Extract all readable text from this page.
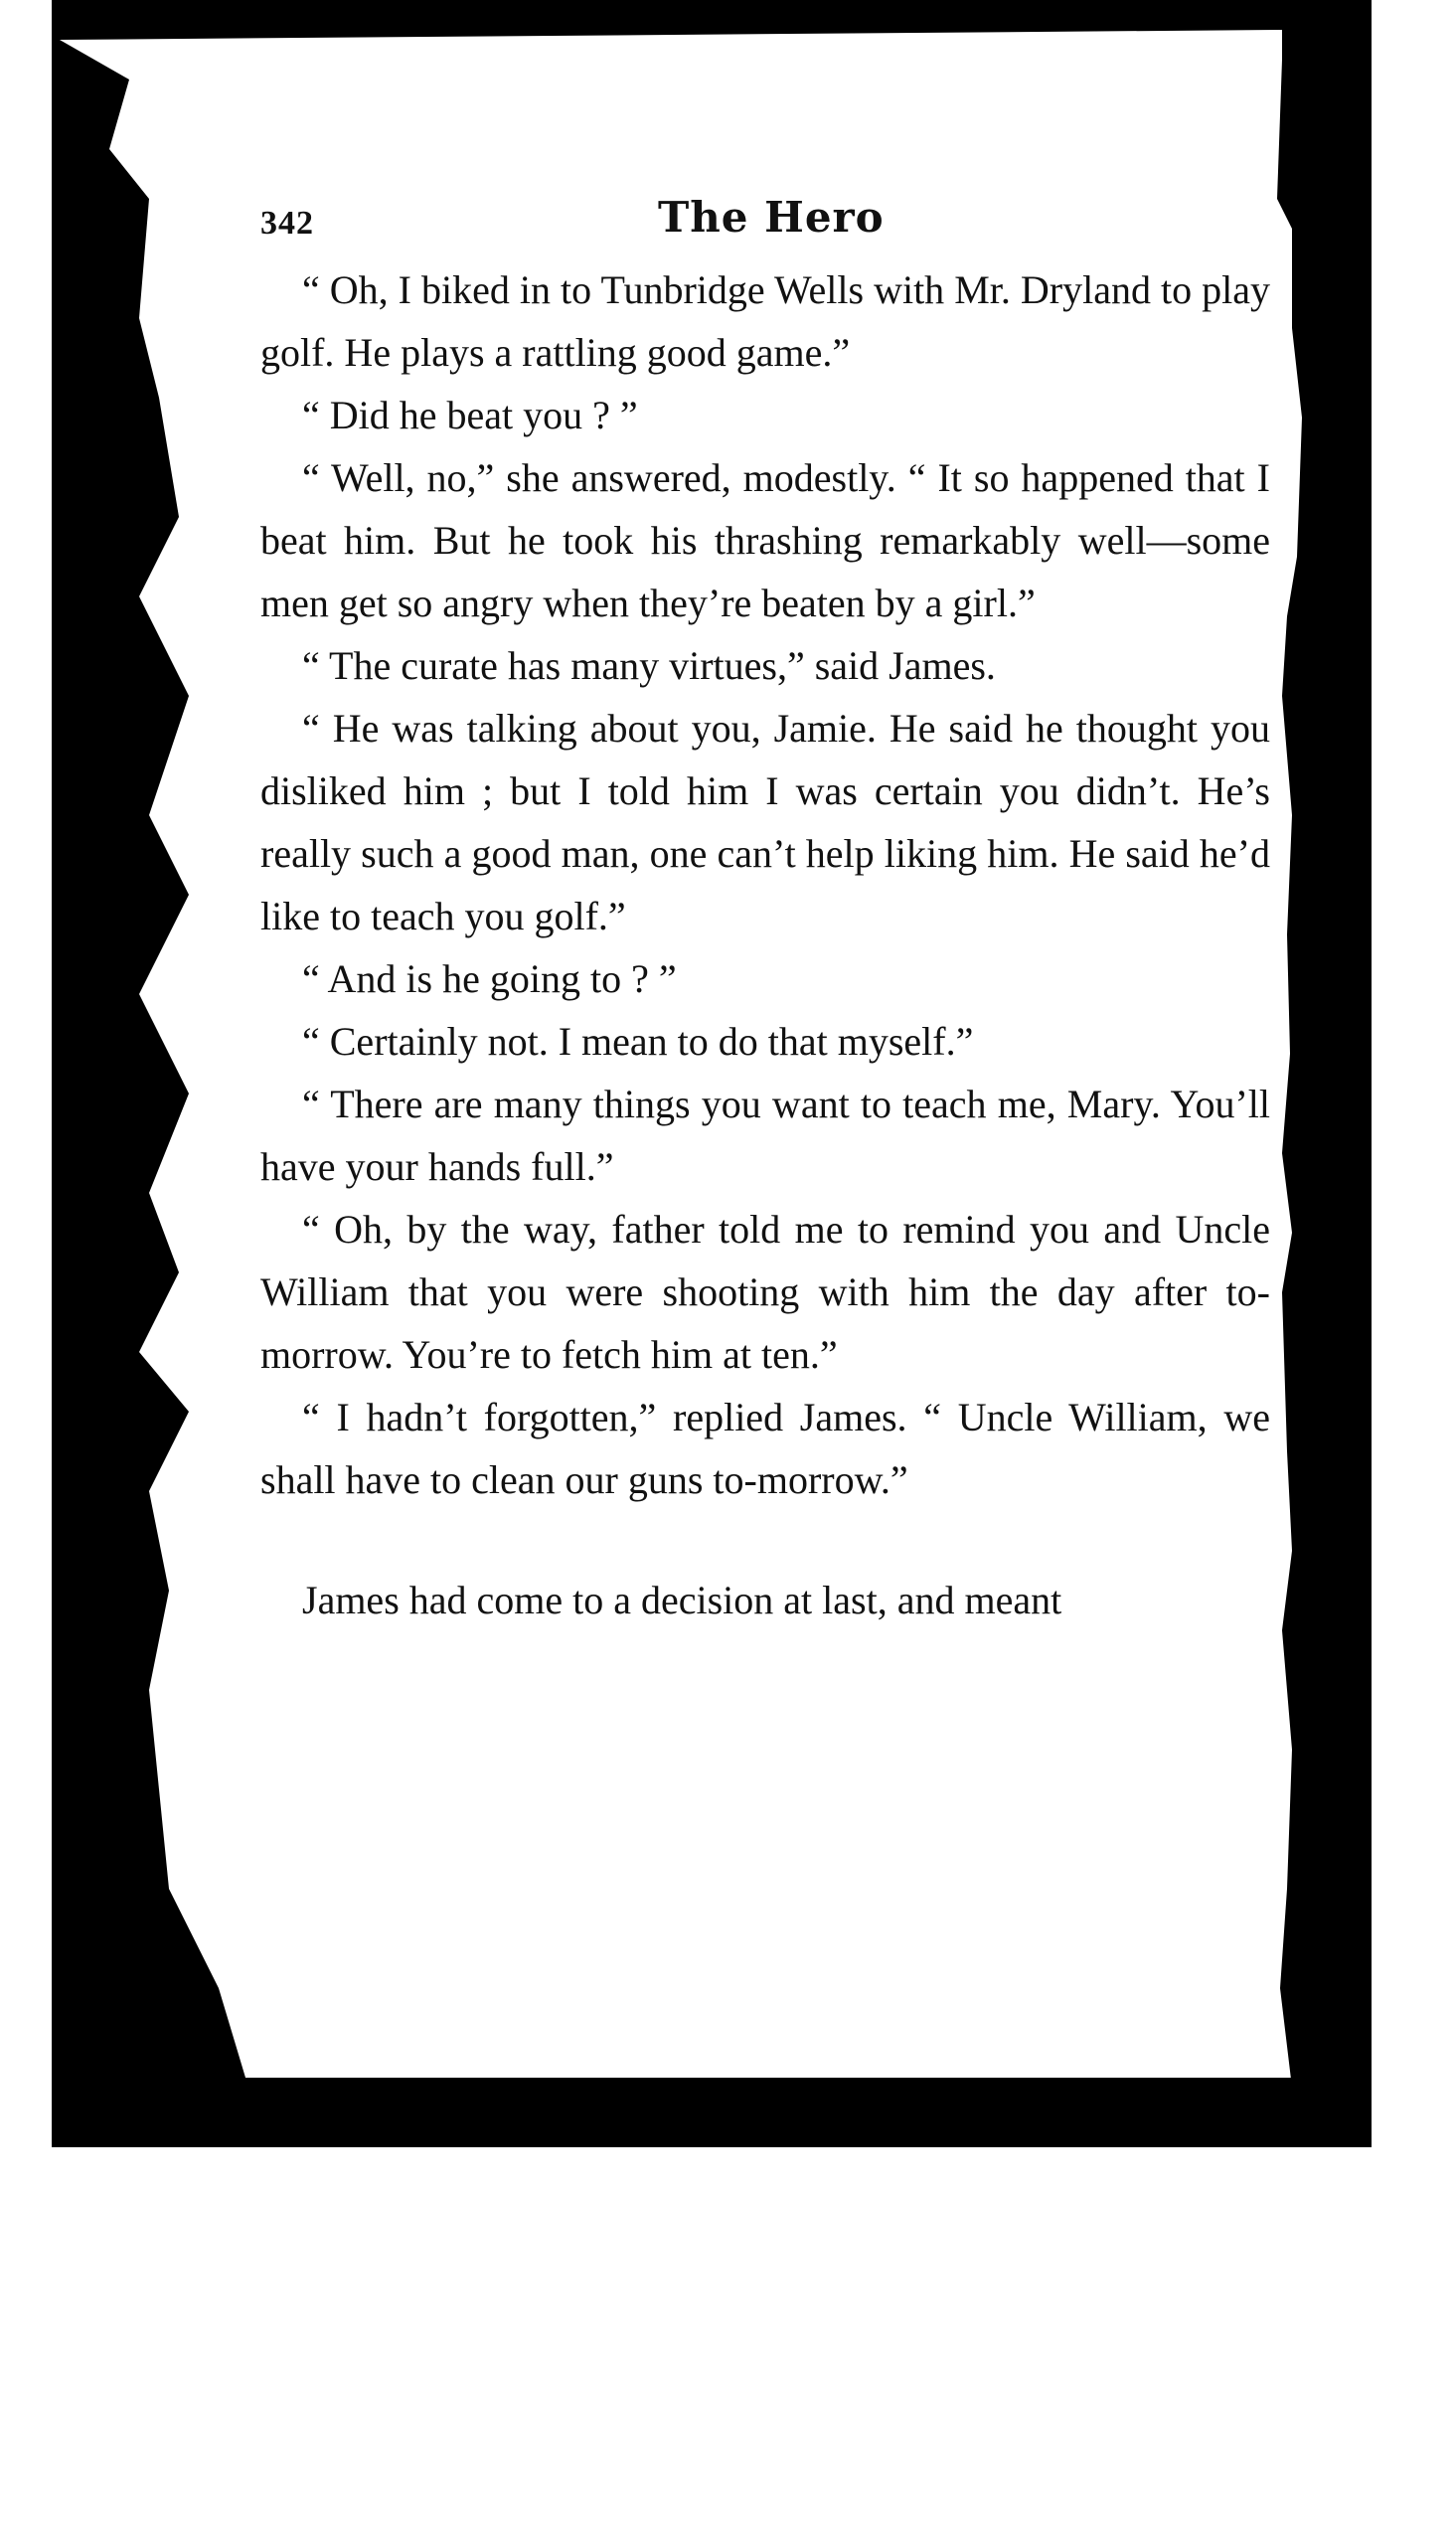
342	The Hero

“ Oh, I biked in to Tunbridge Wells with Mr. Dryland to play golf. He plays a rattling good game.”

“ Did he beat you ? ”

“ Well, no,” she answered, modestly. “ It so happened that I beat him. But he took his thrashing remarkably well—some men get so angry when they’re beaten by a girl.”

“ The curate has many virtues,” said James.

“ He was talking about you, Jamie. He said he thought you disliked him ; but I told him I was certain you didn’t. He’s really such a good man, one can’t help liking him. He said he’d like to teach you golf.”

“ And is he going to ? ”

“ Certainly not. I mean to do that myself.”

“ There are many things you want to teach me, Mary. You’ll have your hands full.”

“ Oh, by the way, father told me to remind you and Uncle William that you were shooting with him the day after to-morrow. You’re to fetch him at ten.”

“ I hadn’t forgotten,” replied James. “ Uncle William, we shall have to clean our guns to-morrow.”

James had come to a decision at last, and meant
